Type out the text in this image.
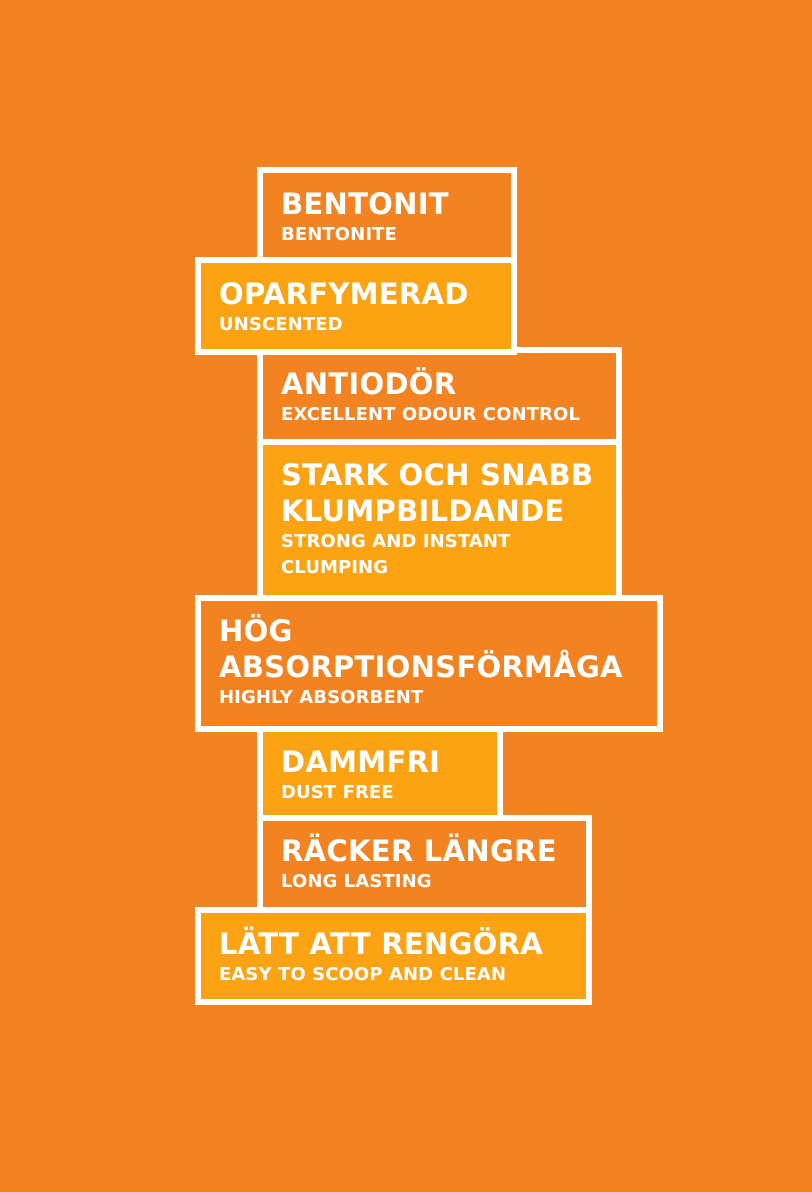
BENTONIT
BENTONITE
OPARFYMERAD
UNSCENTED
ANTIODÖR
EXCELLENT ODOUR CONTROL
STARK OCH SNABB
KLUMPBILDANDE
STRONG AND INSTANT
CLUMPING
HÖG
ABSORPTIONSFÖRMÅGA
HIGHLY ABSORBENT
DAMMFRI
DUST FREE
RÄCKER LÄNGRE
LONG LASTING
LÄTT ATT RENGÖRA
EASY TO SCOOP AND CLEAN
